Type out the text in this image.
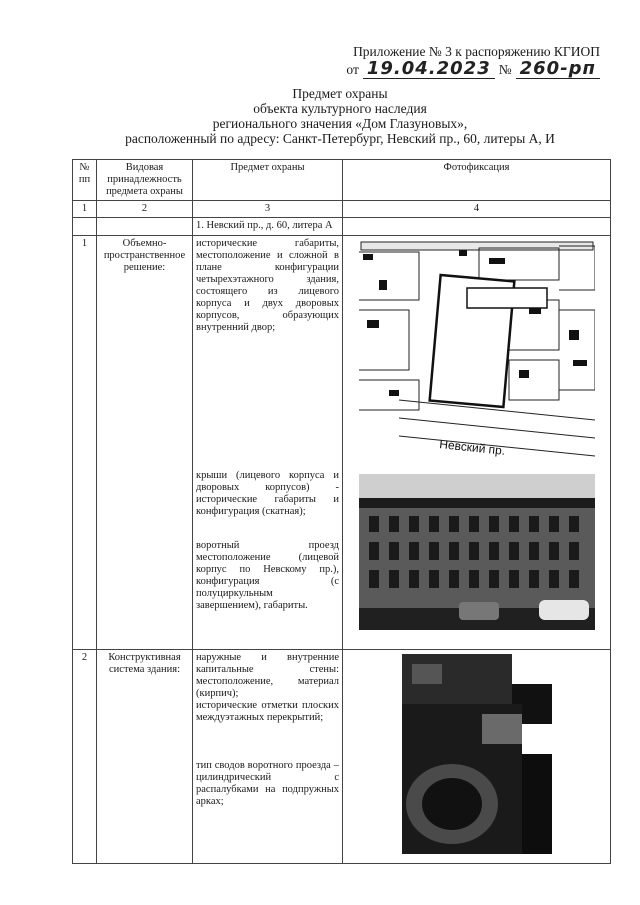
Приложение № 3 к распоряжению КГИОП
от 19.04.2023 № 260-рп
Предмет охраны
объекта культурного наследия
регионального значения «Дом Глазуновых»,
расположенный по адресу: Санкт-Петербург, Невский пр., 60, литеры А, И
№ пп	Видовая принадлежность предмета охраны	Предмет охраны	Фотофиксация
1	2	3	4
		1. Невский пр., д. 60, литера А	
1	Объемно-пространственное решение:	исторические габариты, местоположение и сложной в плане конфигурации четырехэтажного здания, состоящего из лицевого корпуса и двух дворовых корпусов, образующих внутренний двор;
крыши (лицевого корпуса и дворовых корпусов) - исторические габариты и конфигурация (скатная);
воротный проезд местоположение (лицевой корпус по Невскому пр.), конфигурация (с полуциркульным завершением), габариты.	Невский пр.

2	Конструктивная система здания:	наружные и внутренние капитальные стены: местоположение, материал (кирпич);
исторические отметки плоских междуэтажных перекрытий;
тип сводов воротного проезда – цилиндрический с распалубками на подпружных арках;
